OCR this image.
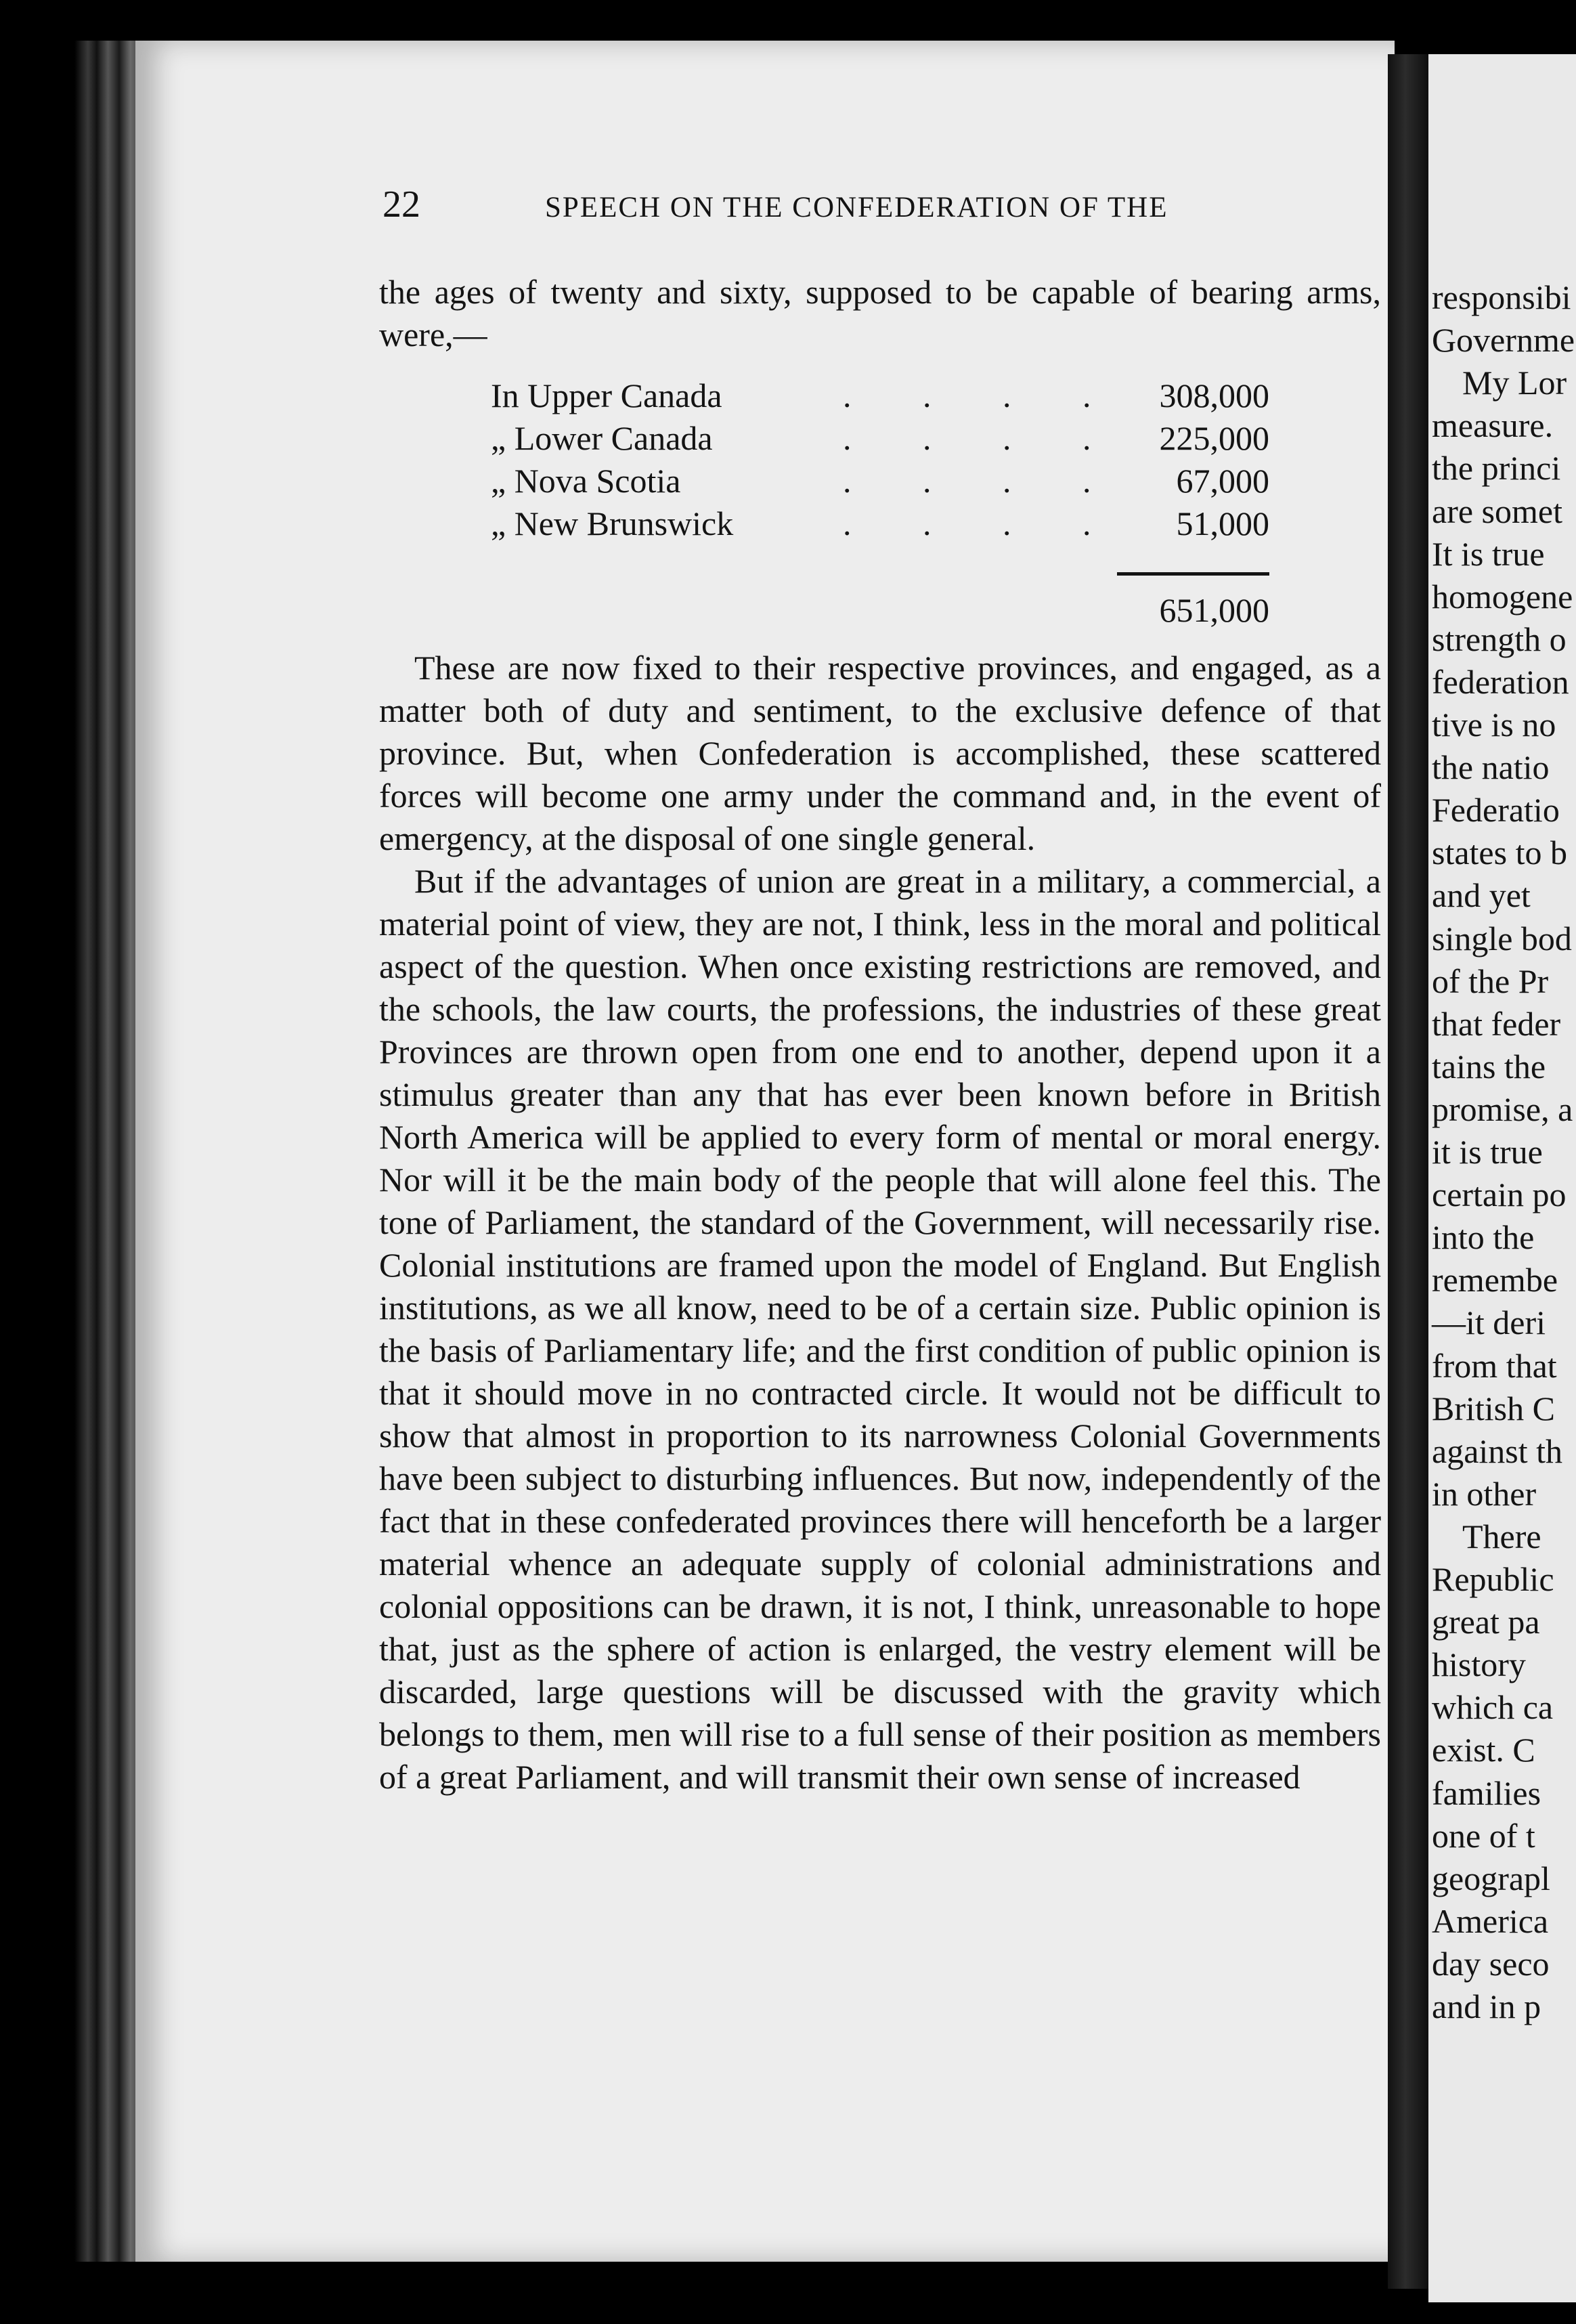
22	SPEECH ON THE CONFEDERATION OF THE

the ages of twenty and sixty, supposed to be capable of bearing arms, were,—

In Upper Canada	. . . .	308,000
„ Lower Canada	. . . .	225,000
„ Nova Scotia	. . . .	67,000
„ New Brunswick	. . . .	51,000
651,000

These are now fixed to their respective provinces, and engaged, as a matter both of duty and sentiment, to the exclusive defence of that province. But, when Confederation is accomplished, these scattered forces will become one army under the command and, in the event of emergency, at the disposal of one single general.

But if the advantages of union are great in a military, a commercial, a material point of view, they are not, I think, less in the moral and political aspect of the question. When once existing restrictions are removed, and the schools, the law courts, the professions, the industries of these great Provinces are thrown open from one end to another, depend upon it a stimulus greater than any that has ever been known before in British North America will be applied to every form of mental or moral energy. Nor will it be the main body of the people that will alone feel this. The tone of Parliament, the standard of the Government, will necessarily rise. Colonial institutions are framed upon the model of England. But English institutions, as we all know, need to be of a certain size. Public opinion is the basis of Parliamentary life; and the first condition of public opinion is that it should move in no contracted circle. It would not be difficult to show that almost in proportion to its narrowness Colonial Governments have been subject to disturbing influences. But now, independently of the fact that in these confederated provinces there will henceforth be a larger material whence an adequate supply of colonial administrations and colonial oppositions can be drawn, it is not, I think, unreasonable to hope that, just as the sphere of action is enlarged, the vestry element will be discarded, large questions will be discussed with the gravity which belongs to them, men will rise to a full sense of their position as members of a great Parliament, and will transmit their own sense of increased

responsibi
Governme
My Lor
measure.
the princi
are somet
It is true
homogene
strength o
federation
tive is no
the natio
Federatio
states to b
and yet
single bod
of the Pr
that feder
tains the
promise, a
it is true
certain po
into the
remembe
—it deri
from that
British C
against th
in other
There
Republic
great pa
history
which ca
exist. C
families
one of t
geograpl
America
day seco
and in p
